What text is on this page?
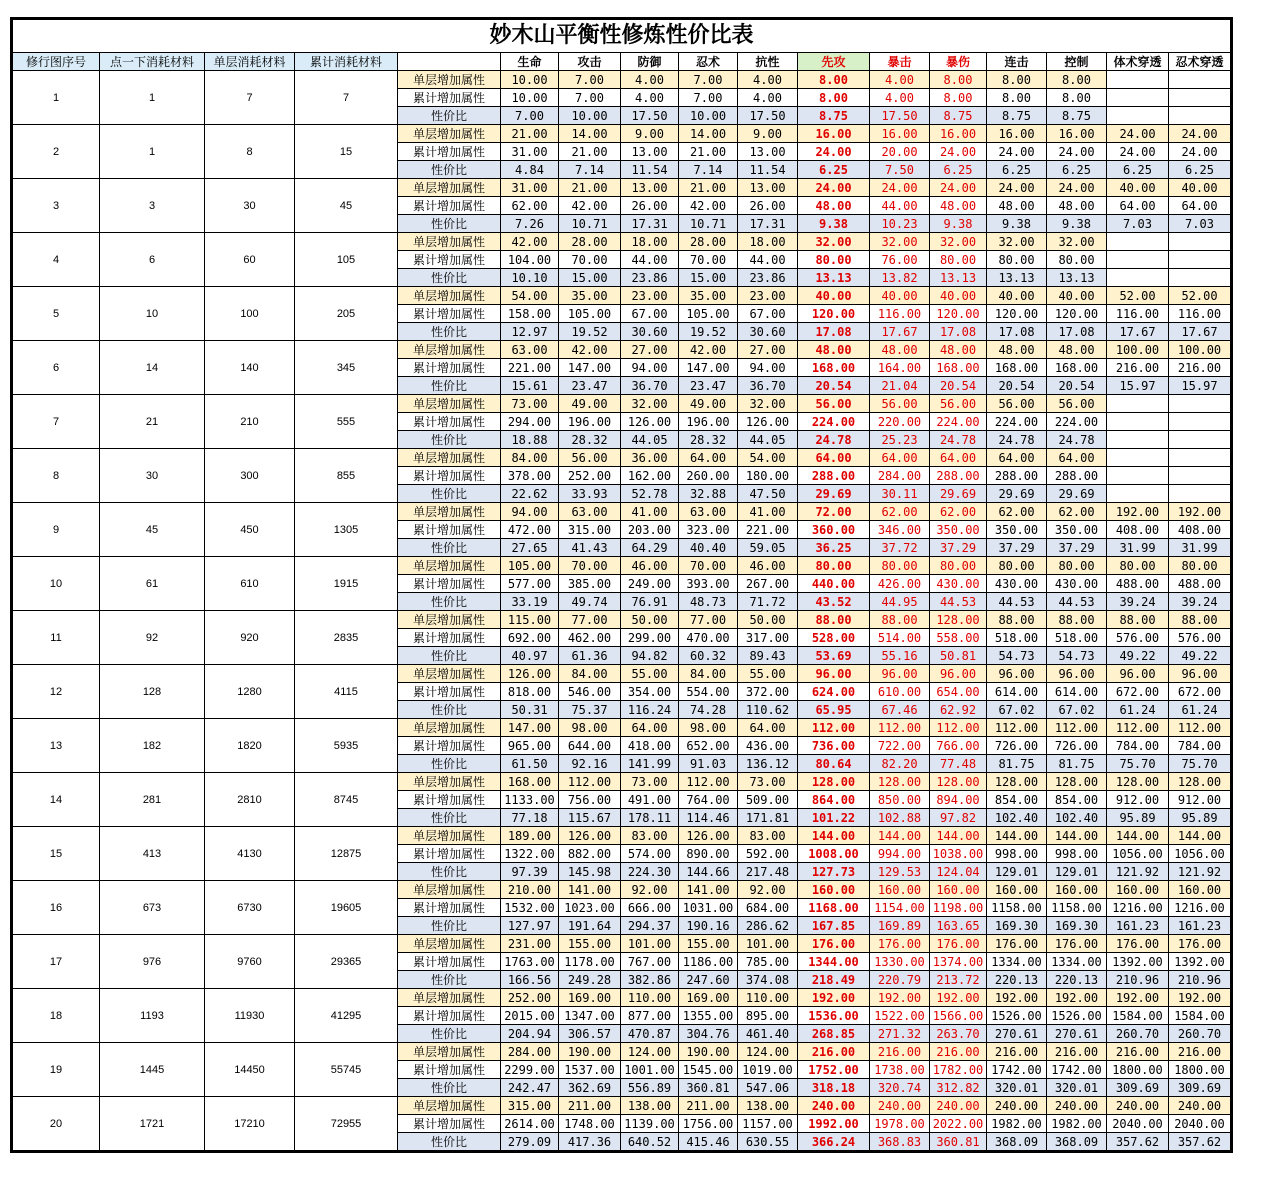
妙木山平衡性修炼性价比表																
修行图序号	点一下消耗材料	单层消耗材料	累计消耗材料		生命	攻击	防御	忍术	抗性	先攻	暴击	暴伤	连击	控制	体术穿透	忍术穿透
1	1	7	7	单层增加属性	10.00	7.00	4.00	7.00	4.00	8.00	4.00	8.00	8.00	8.00		
				累计增加属性	10.00	7.00	4.00	7.00	4.00	8.00	4.00	8.00	8.00	8.00		
				性价比	7.00	10.00	17.50	10.00	17.50	8.75	17.50	8.75	8.75	8.75		
2	1	8	15	单层增加属性	21.00	14.00	9.00	14.00	9.00	16.00	16.00	16.00	16.00	16.00	24.00	24.00
				累计增加属性	31.00	21.00	13.00	21.00	13.00	24.00	20.00	24.00	24.00	24.00	24.00	24.00
				性价比	4.84	7.14	11.54	7.14	11.54	6.25	7.50	6.25	6.25	6.25	6.25	6.25
3	3	30	45	单层增加属性	31.00	21.00	13.00	21.00	13.00	24.00	24.00	24.00	24.00	24.00	40.00	40.00
				累计增加属性	62.00	42.00	26.00	42.00	26.00	48.00	44.00	48.00	48.00	48.00	64.00	64.00
				性价比	7.26	10.71	17.31	10.71	17.31	9.38	10.23	9.38	9.38	9.38	7.03	7.03
4	6	60	105	单层增加属性	42.00	28.00	18.00	28.00	18.00	32.00	32.00	32.00	32.00	32.00		
				累计增加属性	104.00	70.00	44.00	70.00	44.00	80.00	76.00	80.00	80.00	80.00		
				性价比	10.10	15.00	23.86	15.00	23.86	13.13	13.82	13.13	13.13	13.13		
5	10	100	205	单层增加属性	54.00	35.00	23.00	35.00	23.00	40.00	40.00	40.00	40.00	40.00	52.00	52.00
				累计增加属性	158.00	105.00	67.00	105.00	67.00	120.00	116.00	120.00	120.00	120.00	116.00	116.00
				性价比	12.97	19.52	30.60	19.52	30.60	17.08	17.67	17.08	17.08	17.08	17.67	17.67
6	14	140	345	单层增加属性	63.00	42.00	27.00	42.00	27.00	48.00	48.00	48.00	48.00	48.00	100.00	100.00
				累计增加属性	221.00	147.00	94.00	147.00	94.00	168.00	164.00	168.00	168.00	168.00	216.00	216.00
				性价比	15.61	23.47	36.70	23.47	36.70	20.54	21.04	20.54	20.54	20.54	15.97	15.97
7	21	210	555	单层增加属性	73.00	49.00	32.00	49.00	32.00	56.00	56.00	56.00	56.00	56.00		
				累计增加属性	294.00	196.00	126.00	196.00	126.00	224.00	220.00	224.00	224.00	224.00		
				性价比	18.88	28.32	44.05	28.32	44.05	24.78	25.23	24.78	24.78	24.78		
8	30	300	855	单层增加属性	84.00	56.00	36.00	64.00	54.00	64.00	64.00	64.00	64.00	64.00		
				累计增加属性	378.00	252.00	162.00	260.00	180.00	288.00	284.00	288.00	288.00	288.00		
				性价比	22.62	33.93	52.78	32.88	47.50	29.69	30.11	29.69	29.69	29.69		
9	45	450	1305	单层增加属性	94.00	63.00	41.00	63.00	41.00	72.00	62.00	62.00	62.00	62.00	192.00	192.00
				累计增加属性	472.00	315.00	203.00	323.00	221.00	360.00	346.00	350.00	350.00	350.00	408.00	408.00
				性价比	27.65	41.43	64.29	40.40	59.05	36.25	37.72	37.29	37.29	37.29	31.99	31.99
10	61	610	1915	单层增加属性	105.00	70.00	46.00	70.00	46.00	80.00	80.00	80.00	80.00	80.00	80.00	80.00
				累计增加属性	577.00	385.00	249.00	393.00	267.00	440.00	426.00	430.00	430.00	430.00	488.00	488.00
				性价比	33.19	49.74	76.91	48.73	71.72	43.52	44.95	44.53	44.53	44.53	39.24	39.24
11	92	920	2835	单层增加属性	115.00	77.00	50.00	77.00	50.00	88.00	88.00	128.00	88.00	88.00	88.00	88.00
				累计增加属性	692.00	462.00	299.00	470.00	317.00	528.00	514.00	558.00	518.00	518.00	576.00	576.00
				性价比	40.97	61.36	94.82	60.32	89.43	53.69	55.16	50.81	54.73	54.73	49.22	49.22
12	128	1280	4115	单层增加属性	126.00	84.00	55.00	84.00	55.00	96.00	96.00	96.00	96.00	96.00	96.00	96.00
				累计增加属性	818.00	546.00	354.00	554.00	372.00	624.00	610.00	654.00	614.00	614.00	672.00	672.00
				性价比	50.31	75.37	116.24	74.28	110.62	65.95	67.46	62.92	67.02	67.02	61.24	61.24
13	182	1820	5935	单层增加属性	147.00	98.00	64.00	98.00	64.00	112.00	112.00	112.00	112.00	112.00	112.00	112.00
				累计增加属性	965.00	644.00	418.00	652.00	436.00	736.00	722.00	766.00	726.00	726.00	784.00	784.00
				性价比	61.50	92.16	141.99	91.03	136.12	80.64	82.20	77.48	81.75	81.75	75.70	75.70
14	281	2810	8745	单层增加属性	168.00	112.00	73.00	112.00	73.00	128.00	128.00	128.00	128.00	128.00	128.00	128.00
				累计增加属性	1133.00	756.00	491.00	764.00	509.00	864.00	850.00	894.00	854.00	854.00	912.00	912.00
				性价比	77.18	115.67	178.11	114.46	171.81	101.22	102.88	97.82	102.40	102.40	95.89	95.89
15	413	4130	12875	单层增加属性	189.00	126.00	83.00	126.00	83.00	144.00	144.00	144.00	144.00	144.00	144.00	144.00
				累计增加属性	1322.00	882.00	574.00	890.00	592.00	1008.00	994.00	1038.00	998.00	998.00	1056.00	1056.00
				性价比	97.39	145.98	224.30	144.66	217.48	127.73	129.53	124.04	129.01	129.01	121.92	121.92
16	673	6730	19605	单层增加属性	210.00	141.00	92.00	141.00	92.00	160.00	160.00	160.00	160.00	160.00	160.00	160.00
				累计增加属性	1532.00	1023.00	666.00	1031.00	684.00	1168.00	1154.00	1198.00	1158.00	1158.00	1216.00	1216.00
				性价比	127.97	191.64	294.37	190.16	286.62	167.85	169.89	163.65	169.30	169.30	161.23	161.23
17	976	9760	29365	单层增加属性	231.00	155.00	101.00	155.00	101.00	176.00	176.00	176.00	176.00	176.00	176.00	176.00
				累计增加属性	1763.00	1178.00	767.00	1186.00	785.00	1344.00	1330.00	1374.00	1334.00	1334.00	1392.00	1392.00
				性价比	166.56	249.28	382.86	247.60	374.08	218.49	220.79	213.72	220.13	220.13	210.96	210.96
18	1193	11930	41295	单层增加属性	252.00	169.00	110.00	169.00	110.00	192.00	192.00	192.00	192.00	192.00	192.00	192.00
				累计增加属性	2015.00	1347.00	877.00	1355.00	895.00	1536.00	1522.00	1566.00	1526.00	1526.00	1584.00	1584.00
				性价比	204.94	306.57	470.87	304.76	461.40	268.85	271.32	263.70	270.61	270.61	260.70	260.70
19	1445	14450	55745	单层增加属性	284.00	190.00	124.00	190.00	124.00	216.00	216.00	216.00	216.00	216.00	216.00	216.00
				累计增加属性	2299.00	1537.00	1001.00	1545.00	1019.00	1752.00	1738.00	1782.00	1742.00	1742.00	1800.00	1800.00
				性价比	242.47	362.69	556.89	360.81	547.06	318.18	320.74	312.82	320.01	320.01	309.69	309.69
20	1721	17210	72955	单层增加属性	315.00	211.00	138.00	211.00	138.00	240.00	240.00	240.00	240.00	240.00	240.00	240.00
				累计增加属性	2614.00	1748.00	1139.00	1756.00	1157.00	1992.00	1978.00	2022.00	1982.00	1982.00	2040.00	2040.00
				性价比	279.09	417.36	640.52	415.46	630.55	366.24	368.83	360.81	368.09	368.09	357.62	357.62
